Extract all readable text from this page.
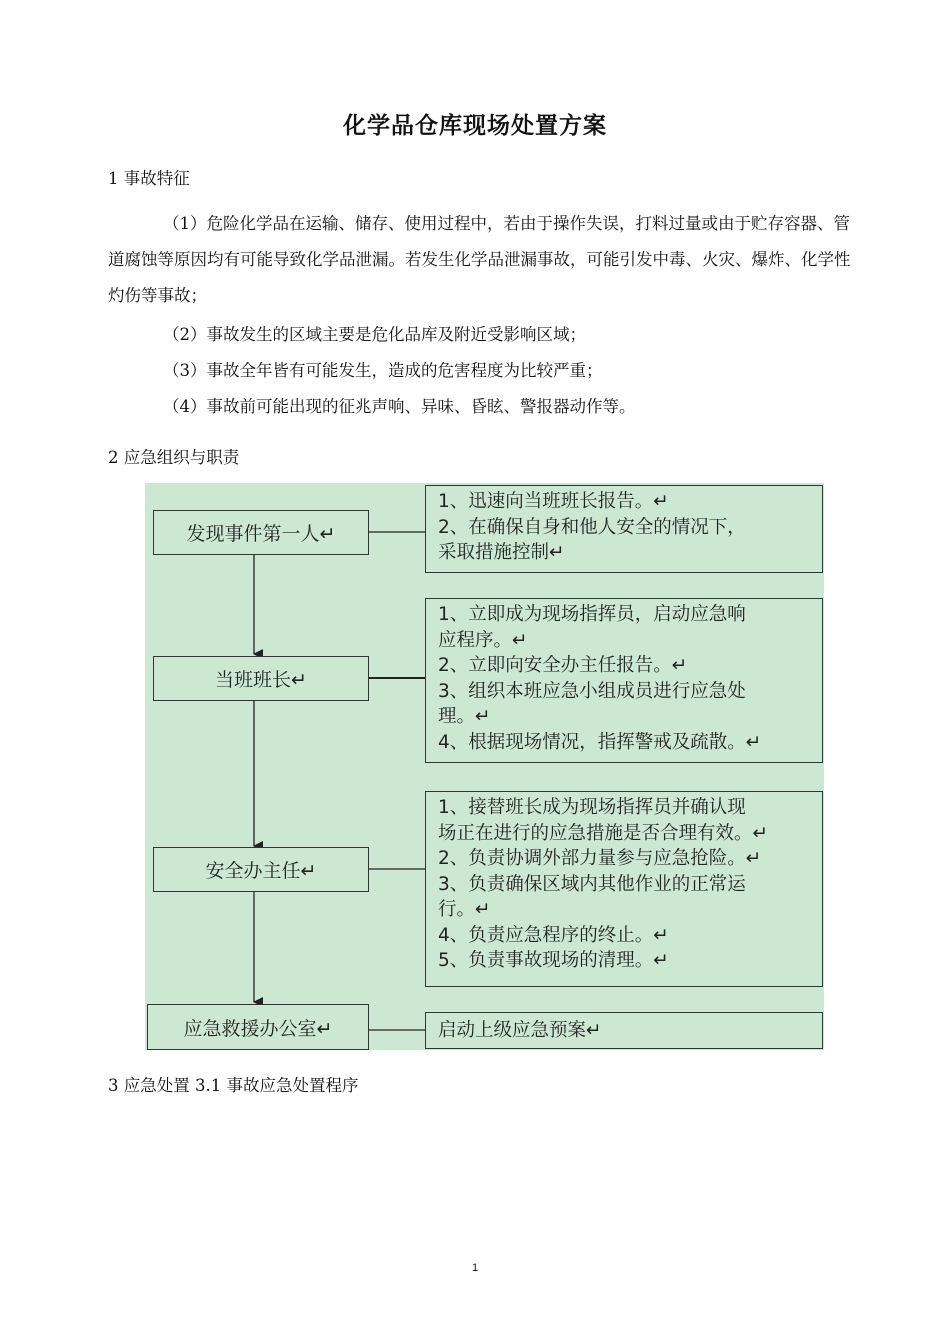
化学品仓库现场处置方案
1 事故特征
（1）危险化学品在运输、储存、使用过程中，若由于操作失误，打料过量或由于贮存容器、管道腐蚀等原因均有可能导致化学品泄漏。若发生化学品泄漏事故，可能引发中毒、火灾、爆炸、化学性灼伤等事故；
（2）事故发生的区域主要是危化品库及附近受影响区域；
（3）事故全年皆有可能发生，造成的危害程度为比较严重；
（4）事故前可能出现的征兆声响、异味、昏眩、警报器动作等。
2 应急组织与职责
发现事件第一人↵
当班班长↵
安全办主任↵
应急救援办公室↵
1、迅速向当班班长报告。↵
2、在确保自身和他人安全的情况下，
采取措施控制↵
1、立即成为现场指挥员，启动应急响
应程序。↵
2、立即向安全办主任报告。↵
3、组织本班应急小组成员进行应急处
理。↵
4、根据现场情况，指挥警戒及疏散。↵
1、接替班长成为现场指挥员并确认现
场正在进行的应急措施是否合理有效。↵
2、负责协调外部力量参与应急抢险。↵
3、负责确保区域内其他作业的正常运
行。↵
4、负责应急程序的终止。↵
5、负责事故现场的清理。↵
启动上级应急预案↵
3 应急处置 3.1 事故应急处置程序
1
